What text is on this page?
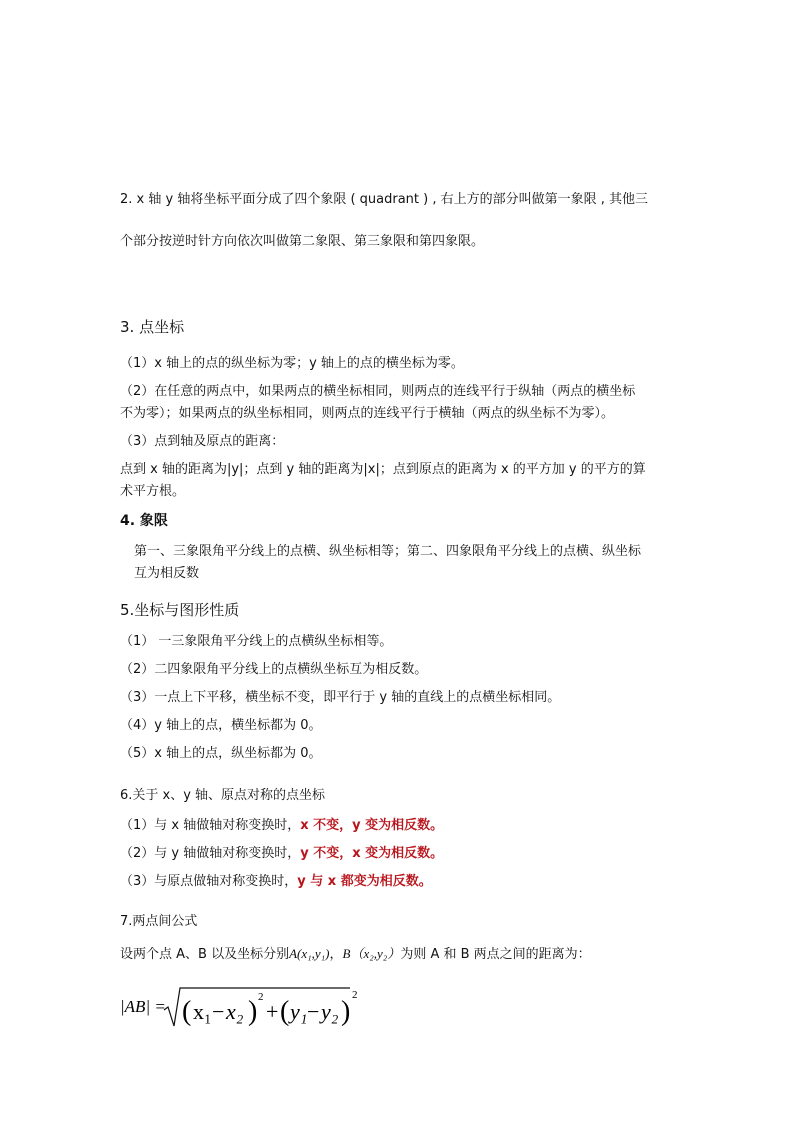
2. x 轴 y 轴将坐标平面分成了四个象限 ( quadrant ) , 右上方的部分叫做第一象限 , 其他三
个部分按逆时针方向依次叫做第二象限、第三象限和第四象限。
3. 点坐标
（1）x 轴上的点的纵坐标为零；y 轴上的点的横坐标为零。
（2）在任意的两点中，如果两点的横坐标相同，则两点的连线平行于纵轴（两点的横坐标
不为零）；如果两点的纵坐标相同，则两点的连线平行于横轴（两点的纵坐标不为零）。
（3）点到轴及原点的距离：
点到 x 轴的距离为|y|；点到 y 轴的距离为|x|；点到原点的距离为 x 的平方加 y 的平方的算
术平方根。
4. 象限
第一、三象限角平分线上的点横、纵坐标相等；第二、四象限角平分线上的点横、纵坐标
互为相反数
5.坐标与图形性质
（1） 一三象限角平分线上的点横纵坐标相等。
（2）二四象限角平分线上的点横纵坐标互为相反数。
（3）一点上下平移，横坐标不变，即平行于 y 轴的直线上的点横坐标相同。
（4）y 轴上的点，横坐标都为 0。
（5）x 轴上的点，纵坐标都为 0。
6.关于 x、y 轴、原点对称的点坐标
（1）与 x 轴做轴对称变换时，x 不变，y 变为相反数。
（2）与 y 轴做轴对称变换时，y 不变，x 变为相反数。
（3）与原点做轴对称变换时，y 与 x 都变为相反数。
7.两点间公式
设两个点 A、B 以及坐标分别A(x₁,y₁)，B（x₂,y₂）为则 A 和 B 两点之间的距离为：
|AB| = ( x₁ − x₂ ) 2
+ ( y₁ − y₂ )
2
